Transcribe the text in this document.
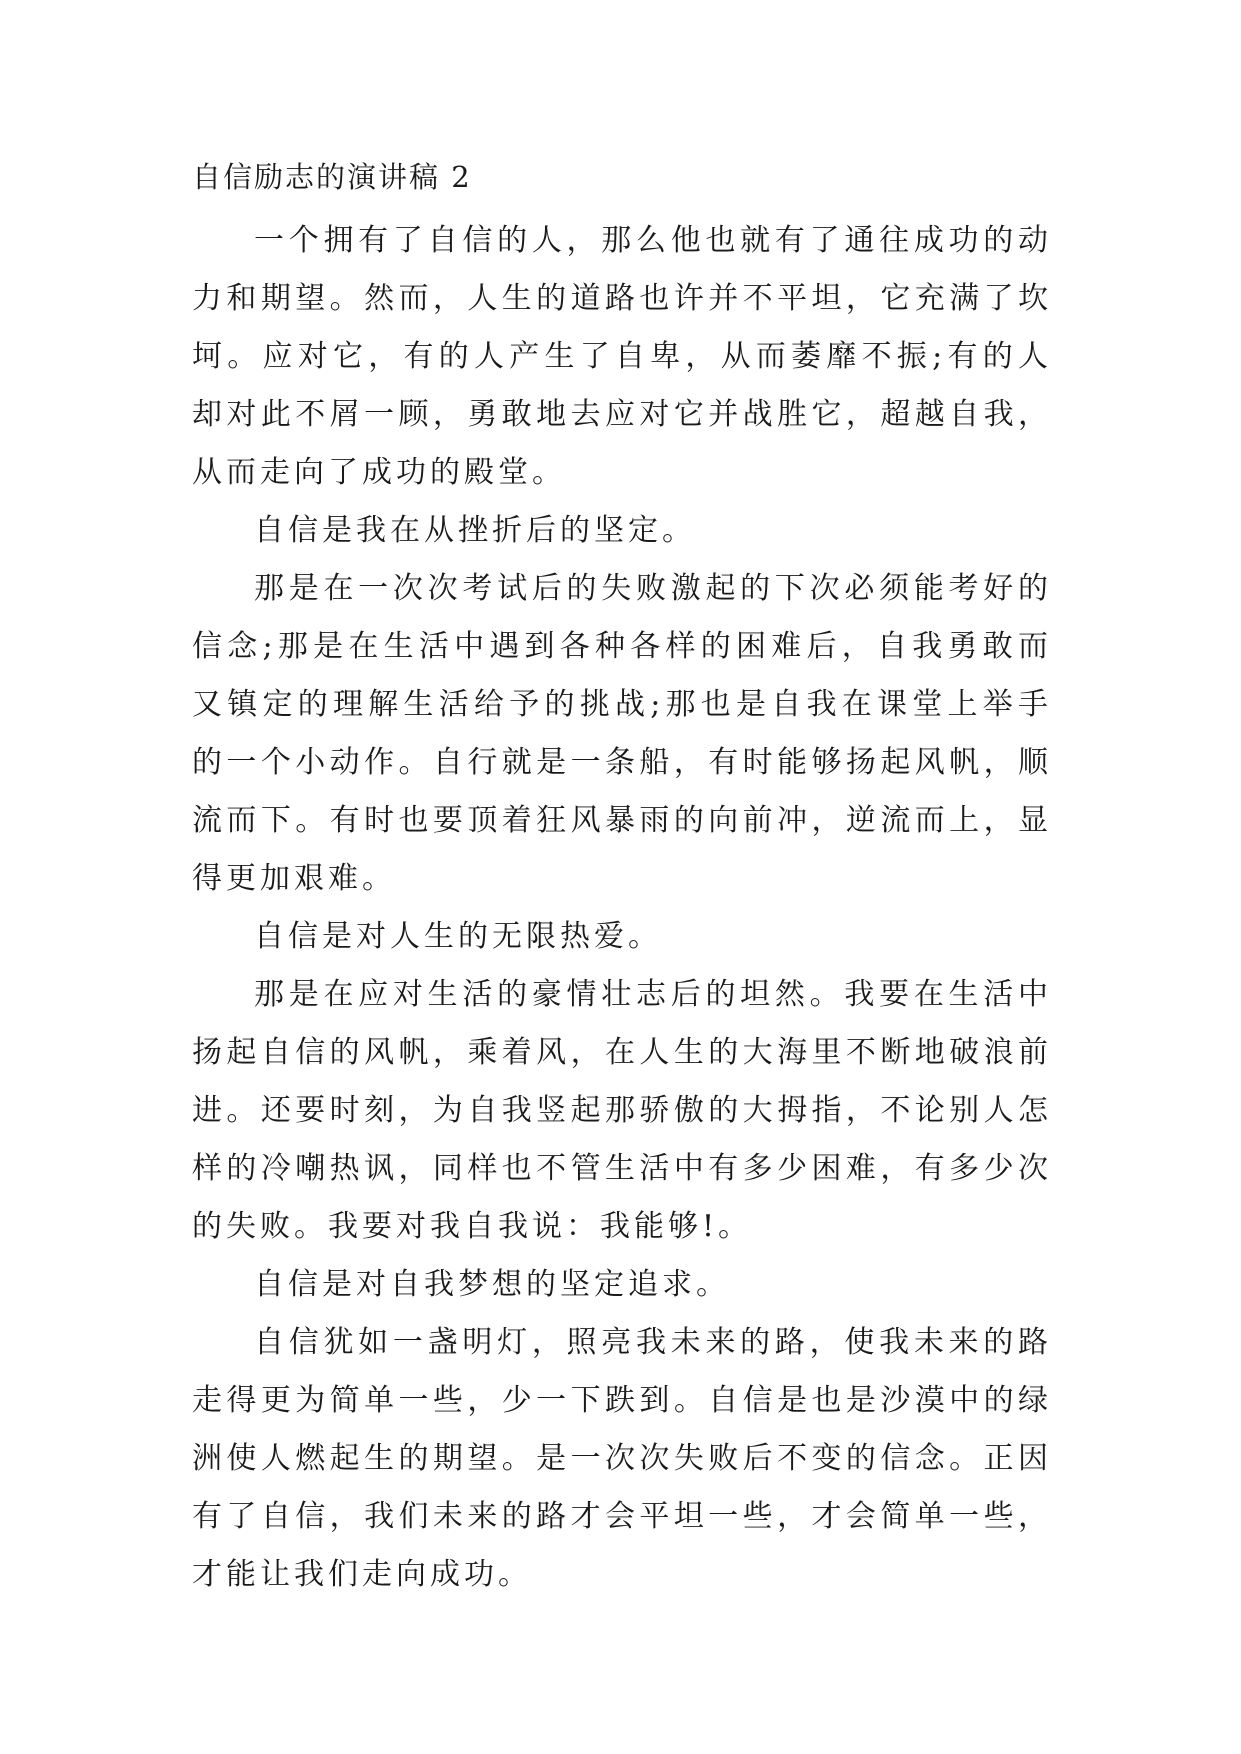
自信励志的演讲稿 2

一个拥有了自信的人，那么他也就有了通往成功的动力和期望。然而，人生的道路也许并不平坦，它充满了坎坷。应对它，有的人产生了自卑，从而萎靡不振;有的人却对此不屑一顾，勇敢地去应对它并战胜它，超越自我，从而走向了成功的殿堂。

自信是我在从挫折后的坚定。

那是在一次次考试后的失败激起的下次必须能考好的信念;那是在生活中遇到各种各样的困难后，自我勇敢而又镇定的理解生活给予的挑战;那也是自我在课堂上举手的一个小动作。自行就是一条船，有时能够扬起风帆，顺流而下。有时也要顶着狂风暴雨的向前冲，逆流而上，显得更加艰难。

自信是对人生的无限热爱。

那是在应对生活的豪情壮志后的坦然。我要在生活中扬起自信的风帆，乘着风，在人生的大海里不断地破浪前进。还要时刻，为自我竖起那骄傲的大拇指，不论别人怎样的冷嘲热讽，同样也不管生活中有多少困难，有多少次的失败。我要对我自我说：我能够!。

自信是对自我梦想的坚定追求。

自信犹如一盏明灯，照亮我未来的路，使我未来的路走得更为简单一些，少一下跌到。自信是也是沙漠中的绿洲使人燃起生的期望。是一次次失败后不变的信念。正因有了自信，我们未来的路才会平坦一些，才会简单一些，才能让我们走向成功。
